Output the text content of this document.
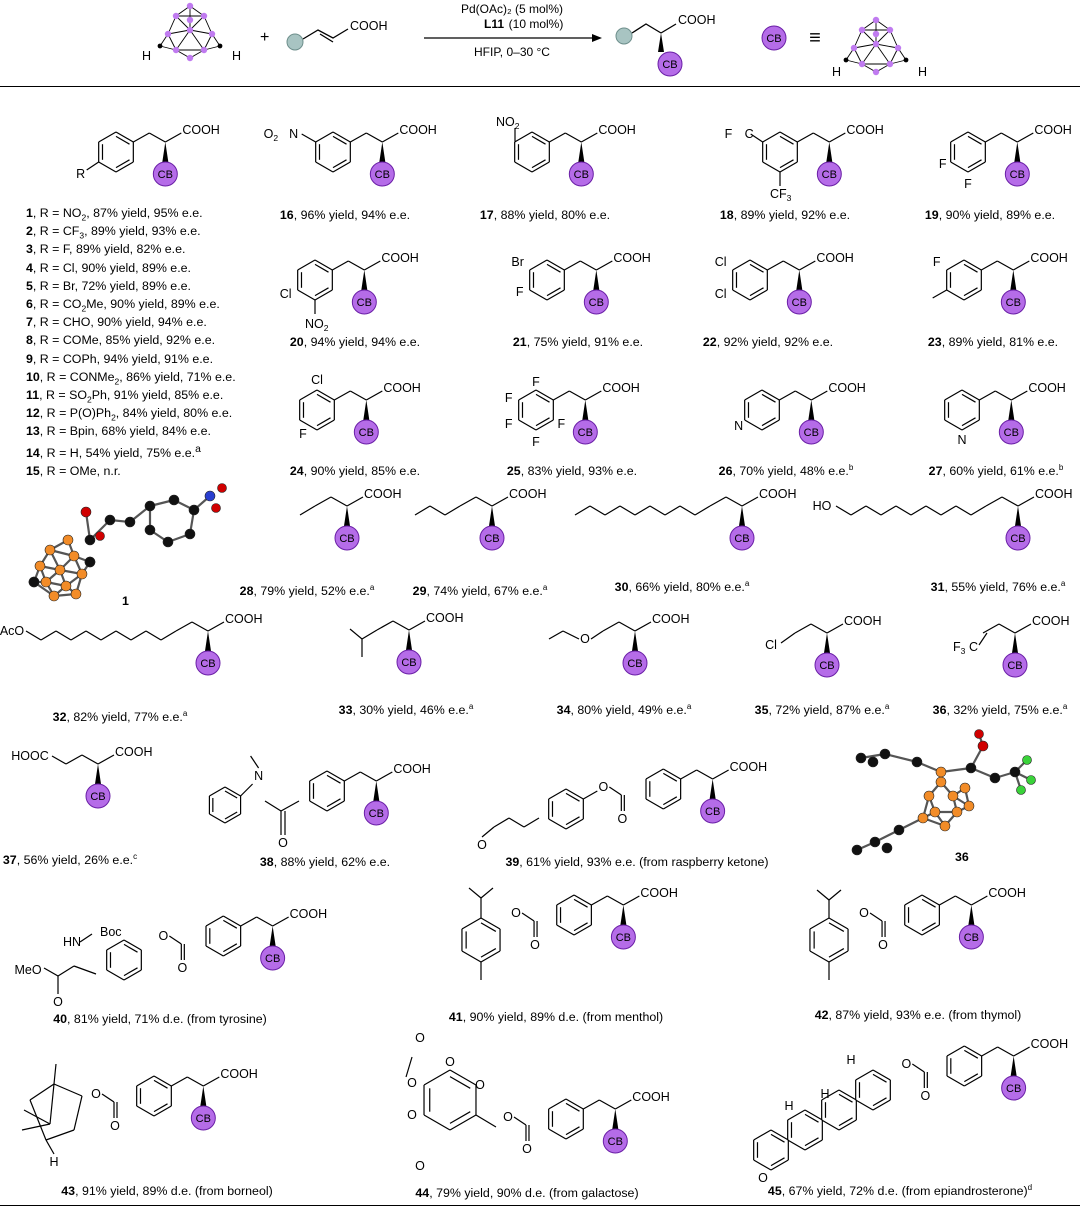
H	H
+
COOH
Pd(OAc)₂ (5 mol%)
L11 (10 mol%)
HFIP, 0–30 °C
COOH
CB
CB ≡
H	H
1, $R = NO_2$, 87% yield, 95% e.e.
2, $R = CF_3$, 89% yield, 93% e.e.
3, R = F, 89% yield, 82% e.e.
4, R = Cl, 90% yield, 89% e.e.
5, R = Br, 72% yield, 89% e.e.
6, $R = CO_2Me$, 90% yield, 89% e.e.
7, R = CHO, 90% yield, 94% e.e.
8, R = COMe, 85% yield, 92% e.e.
9, R = COPh, 94% yield, 91% e.e.
10, R = CONMe$_2$, 86% yield, 71% e.e.
11, $R = SO_2Ph$, 91% yield, 85% e.e.
12, $R = P(O)Ph_2$, 84% yield, 80% e.e.
13, R = Bpin, 68% yield, 84% e.e.
14, R = H, 54% yield, 75% e.e.$^a$
15, R = OMe, n.r.
COOH
CB
R
COOH
CB
$O_2$ N	COOH
CB
$NO_2$	COOH
CB
F C
$CF_3$
COOH
CB
F
F
COOH
CB
Cl
$NO_2$
COOH
CB
Br
F
COOH
CB
Cl
Cl
COOH
CB
F
COOH
CB
Cl
F
COOH
CB
F
F
F
F
F
COOH
CB
N
COOH
CB
N
COOH
CB
COOH
CB
COOH
CB
HO
COOH
CB
AcO
COOH
CB
COOH
CB
O
COOH
CB
Cl
COOH
CB
$F_3$ C
COOH
CB
HOOC	COOH
CB
N
O
COOH
CB
O
O
O
COOH
CB
MeO
O
HN
Boc	O
O
COOH
CB
O
O
COOH
CB
O
O
COOH
CB
H
O
O
COOH
CB
O
O
O
O
O
O
O
O
COOH
CB
H
H
H
O
O
O
COOH
CB
16, 96% yield, 94% e.e.	17, 88% yield, 80% e.e.	18, 89% yield, 92% e.e.	19, 90% yield, 89% e.e.
20, 94% yield, 94% e.e.	21, 75% yield, 91% e.e.	22, 92% yield, 92% e.e.	23, 89% yield, 81% e.e.
24, 90% yield, 85% e.e.	25, 83% yield, 93% e.e.	26, 70% yield, 48% e.e.$^b$	27, 60% yield, 61% e.e.$^b$
28, 79% yield, 52% e.e.$^a$	29, 74% yield, 67% e.e.$^a$	30, 66% yield, 80% e.e.$^a$	31, 55% yield, 76% e.e.$^a$
32, 82% yield, 77% e.e.$^a$	33, 30% yield, 46% e.e.$^a$	34, 80% yield, 49% e.e.$^a$	35, 72% yield, 87% e.e.$^a$	36, 32% yield, 75% e.e.$^a$
37, 56% yield, 26% e.e.$^c$	38, 88% yield, 62% e.e.	39, 61% yield, 93% e.e. (from raspberry ketone)
40, 81% yield, 71% d.e. (from tyrosine)	41, 90% yield, 89% d.e. (from menthol)	42, 87% yield, 93% e.e. (from thymol)
43, 91% yield, 89% d.e. (from borneol)	44, 79% yield, 90% d.e. (from galactose)	45, 67% yield, 72% d.e. (from epiandrosterone)$^d$
1
36
